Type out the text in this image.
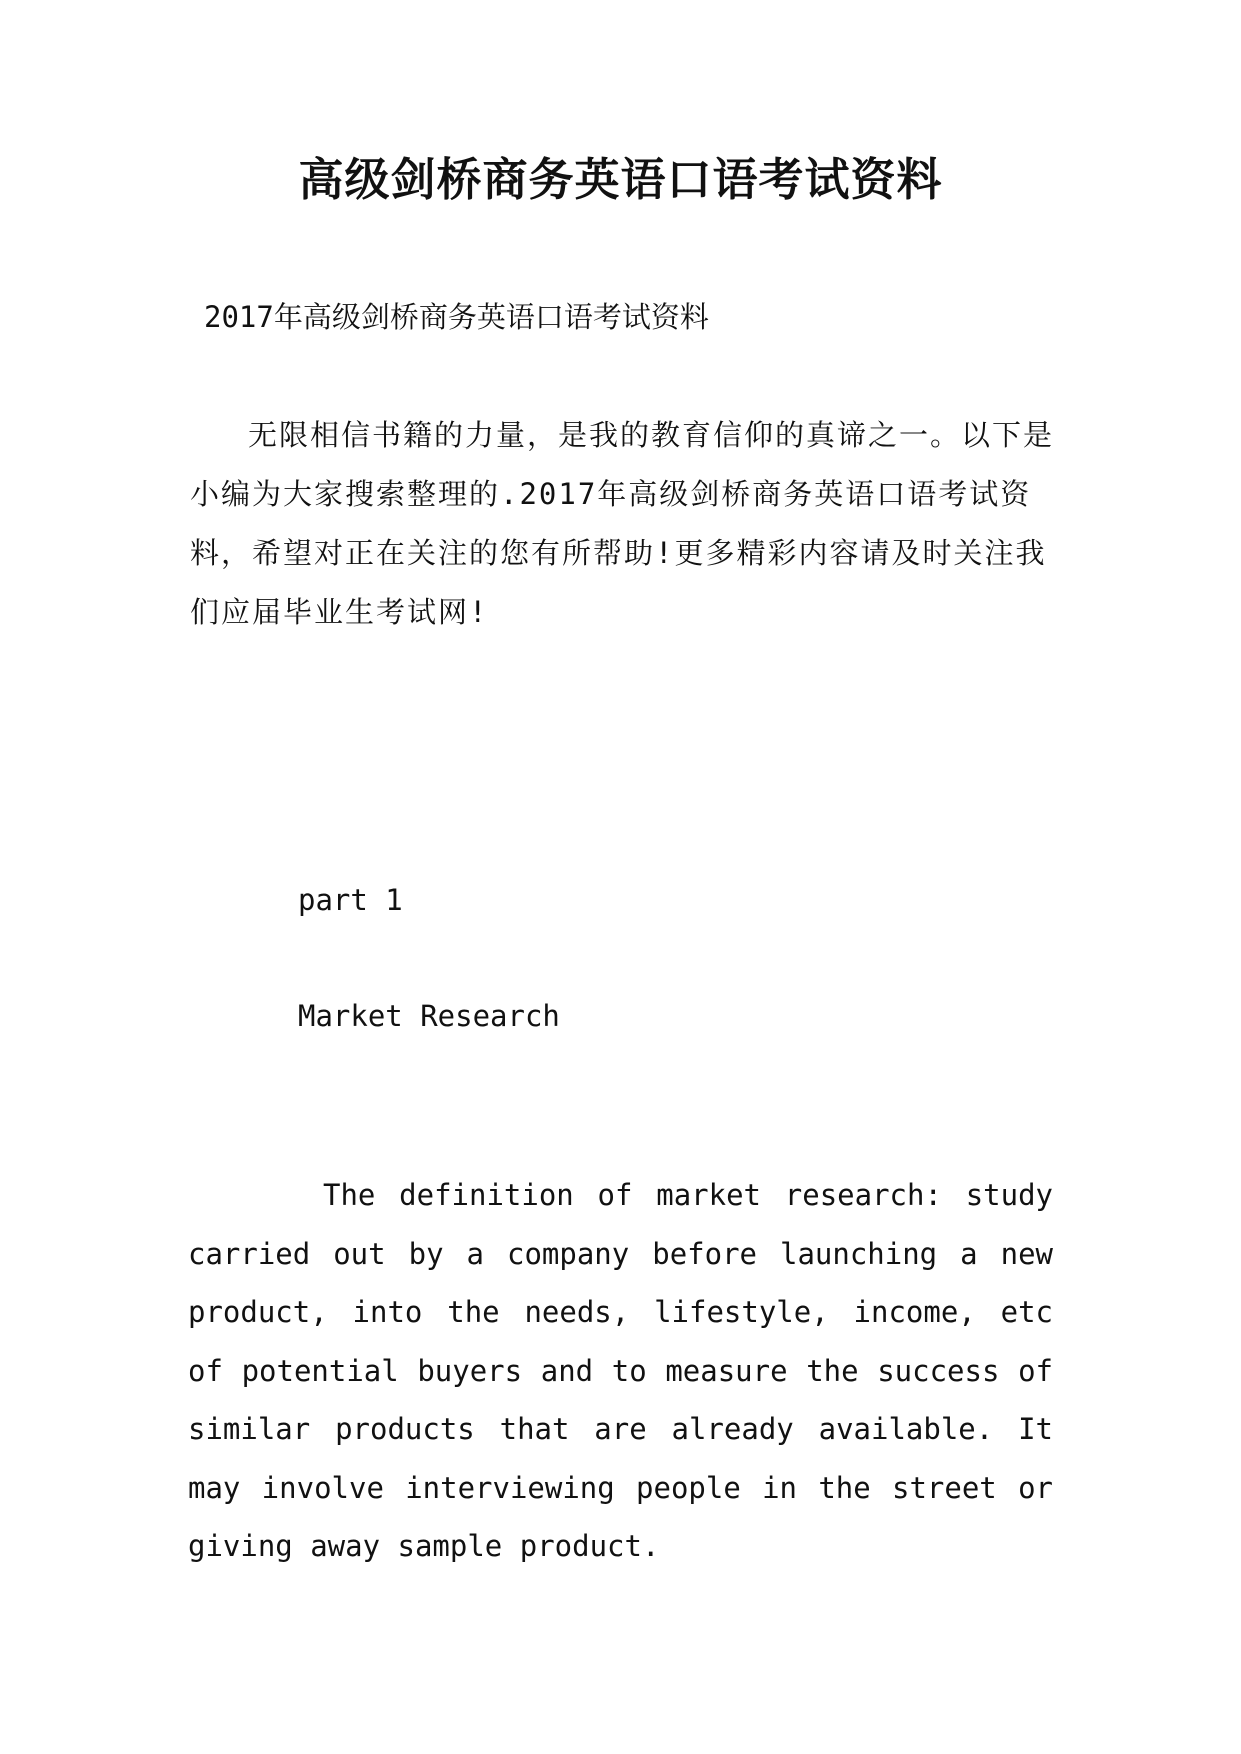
高级剑桥商务英语口语考试资料

2017年高级剑桥商务英语口语考试资料

无限相信书籍的力量，是我的教育信仰的真谛之一。以下是小编为大家搜索整理的.2017年高级剑桥商务英语口语考试资料，希望对正在关注的您有所帮助!更多精彩内容请及时关注我们应届毕业生考试网!

part 1

Market Research

The definition of market research: study carried out by a company before launching a new product, into the needs, lifestyle, income, etc of potential buyers and to measure the success of similar products that are already available. It may involve interviewing people in the street or giving away sample product.
